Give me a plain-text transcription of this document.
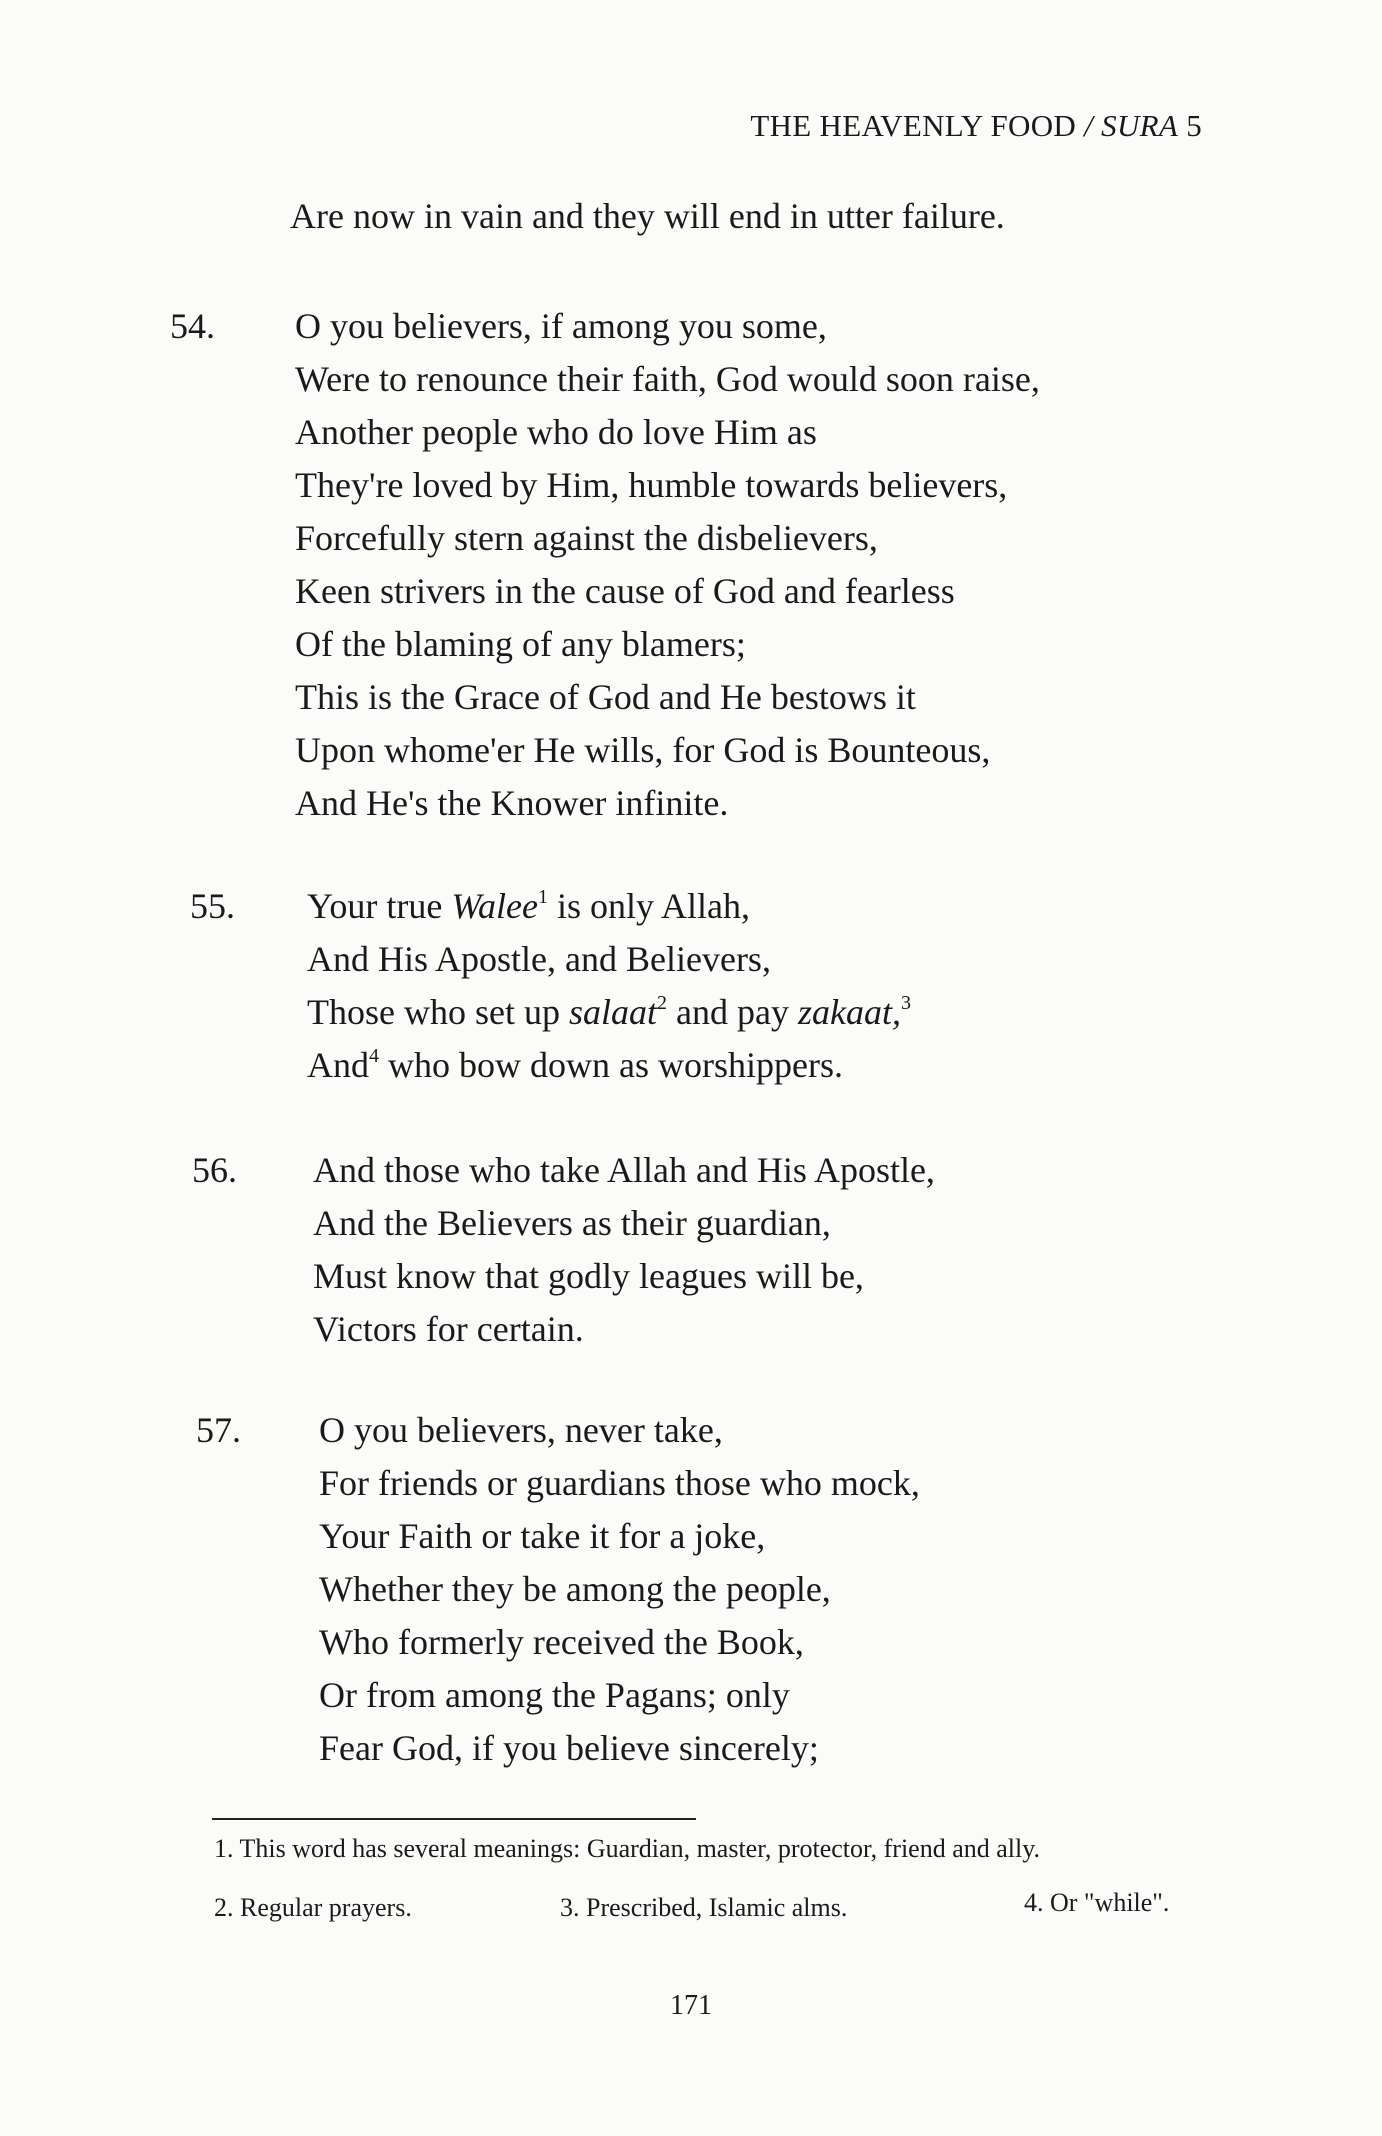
THE HEAVENLY FOOD / SURA 5
Are now in vain and they will end in utter failure.
54. O you believers, if among you some,
Were to renounce their faith, God would soon raise,
Another people who do love Him as
They're loved by Him, humble towards believers,
Forcefully stern against the disbelievers,
Keen strivers in the cause of God and fearless
Of the blaming of any blamers;
This is the Grace of God and He bestows it
Upon whome'er He wills, for God is Bounteous,
And He's the Knower infinite.
55. Your true Walee$^1$ is only Allah,
And His Apostle, and Believers,
Those who set up salaat$^2$ and pay zakaat,$^3$
And$^4$ who bow down as worshippers.
56. And those who take Allah and His Apostle,
And the Believers as their guardian,
Must know that godly leagues will be,
Victors for certain.
57. O you believers, never take,
For friends or guardians those who mock,
Your Faith or take it for a joke,
Whether they be among the people,
Who formerly received the Book,
Or from among the Pagans; only
Fear God, if you believe sincerely;
1. This word has several meanings: Guardian, master, protector, friend and ally.
2. Regular prayers.	3. Prescribed, Islamic alms.	4. Or "while".
171
